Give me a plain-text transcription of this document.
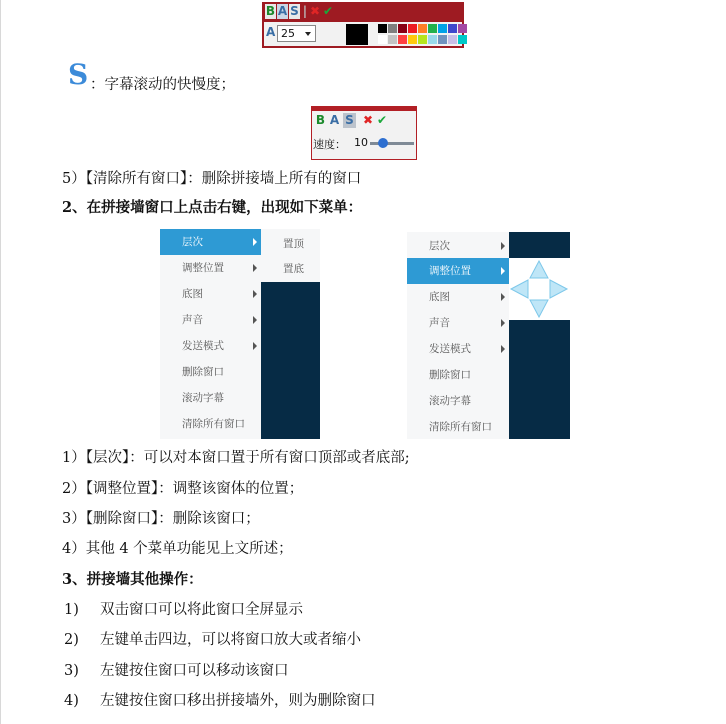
B A S | ✖ ✔
A 25
S ：字幕滚动的快慢度；
B A S ✖ ✔
速度： 10
5）【清除所有窗口】：删除拼接墙上所有的窗口
2、在拼接墙窗口上点击右键，出现如下菜单：
层次
调整位置
底图
声音
发送模式
删除窗口
滚动字幕
清除所有窗口
置顶
置底
层次
调整位置
底图
声音
发送模式
删除窗口
滚动字幕
清除所有窗口
1）【层次】：可以对本窗口置于所有窗口顶部或者底部;
2）【调整位置】：调整该窗体的位置；
3）【删除窗口】：删除该窗口；
4）其他 4 个菜单功能见上文所述；
3、拼接墙其他操作：
1) 双击窗口可以将此窗口全屏显示
2) 左键单击四边，可以将窗口放大或者缩小
3) 左键按住窗口可以移动该窗口
4) 左键按住窗口移出拼接墙外，则为删除窗口
